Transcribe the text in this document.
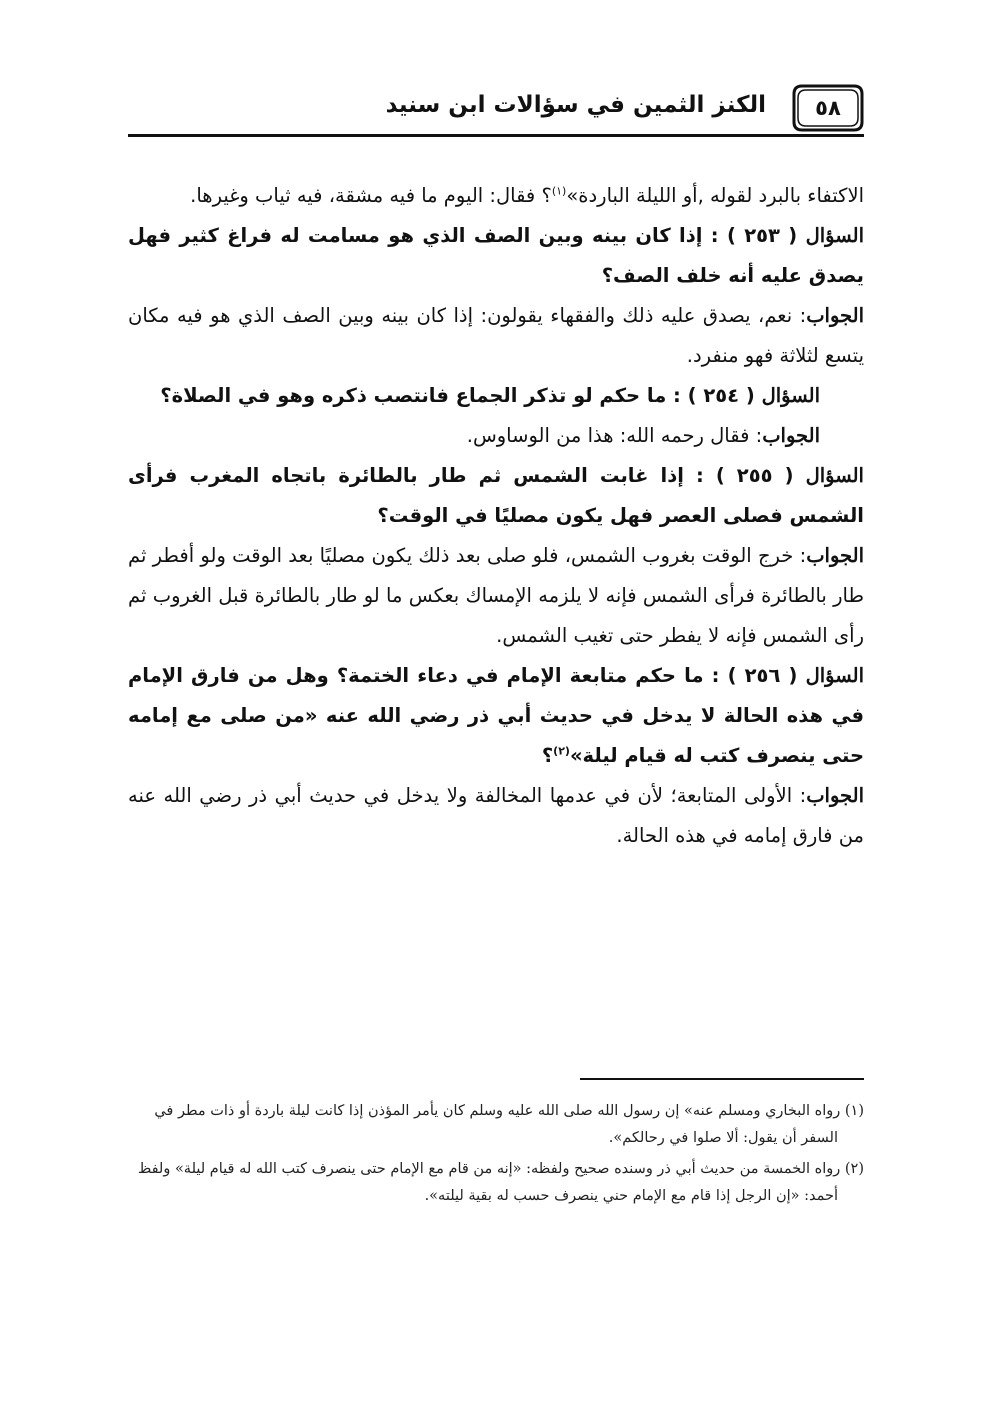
٥٨
الكنز الثمين في سؤالات ابن سنيد

الاكتفاء بالبرد لقوله ,أو الليلة الباردة»$^{(١)}$؟ فقال: اليوم ما فيه مشقة، فيه ثياب وغيرها.

السؤال ( ٢٥٣ ) : إذا كان بينه وبين الصف الذي هو مسامت له فراغ كثير فهل يصدق عليه أنه خلف الصف؟

الجواب: نعم، يصدق عليه ذلك والفقهاء يقولون: إذا كان بينه وبين الصف الذي هو فيه مكان يتسع لثلاثة فهو منفرد.

السؤال ( ٢٥٤ ) : ما حكم لو تذكر الجماع فانتصب ذكره وهو في الصلاة؟

الجواب: فقال رحمه الله: هذا من الوساوس.

السؤال ( ٢٥٥ ) : إذا غابت الشمس ثم طار بالطائرة باتجاه المغرب فرأى الشمس فصلى العصر فهل يكون مصليًا في الوقت؟

الجواب: خرج الوقت بغروب الشمس، فلو صلى بعد ذلك يكون مصليًا بعد الوقت ولو أفطر ثم طار بالطائرة فرأى الشمس فإنه لا يلزمه الإمساك بعكس ما لو طار بالطائرة قبل الغروب ثم رأى الشمس فإنه لا يفطر حتى تغيب الشمس.

السؤال ( ٢٥٦ ) : ما حكم متابعة الإمام في دعاء الختمة؟ وهل من فارق الإمام في هذه الحالة لا يدخل في حديث أبي ذر رضي الله عنه «من صلى مع إمامه حتى ينصرف كتب له قيام ليلة»$^{(٢)}$؟

الجواب: الأولى المتابعة؛ لأن في عدمها المخالفة ولا يدخل في حديث أبي ذر رضي الله عنه من فارق إمامه في هذه الحالة.

(١) رواه البخاري ومسلم عنه» إن رسول الله صلى الله عليه وسلم كان يأمر المؤذن إذا كانت ليلة باردة أو ذات مطر في السفر أن يقول: ألا صلوا في رحالكم».

(٢) رواه الخمسة من حديث أبي ذر وسنده صحيح ولفظه: «إنه من قام مع الإمام حتى ينصرف كتب الله له قيام ليلة» ولفظ أحمد: «إن الرجل إذا قام مع الإمام حني ينصرف حسب له بقية ليلته».
